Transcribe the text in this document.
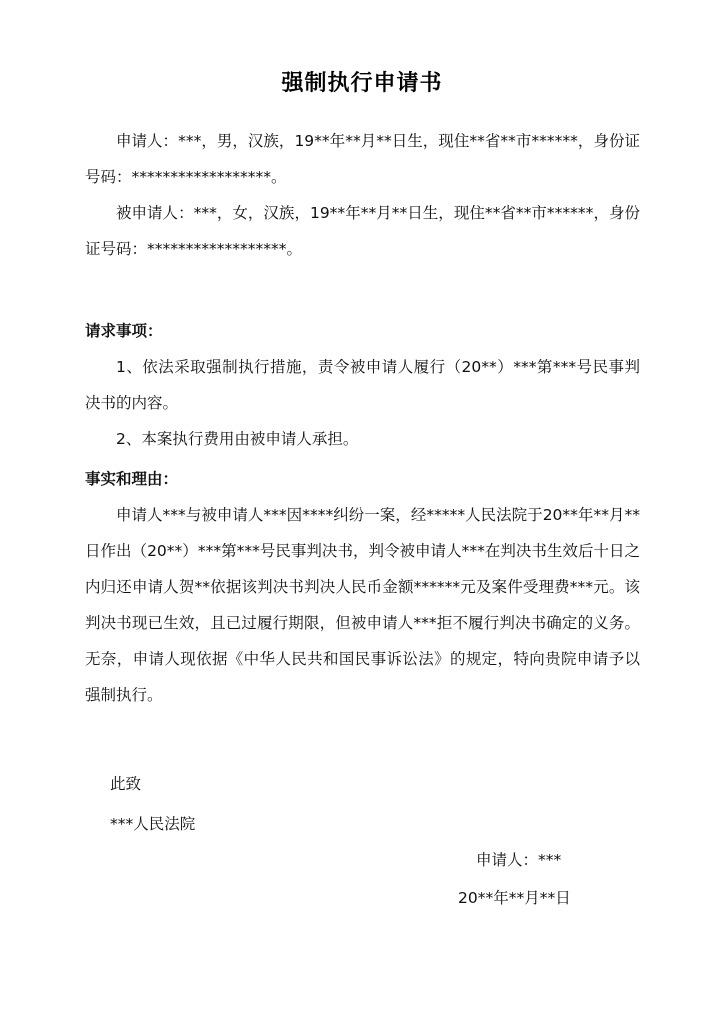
强制执行申请书

申请人：***，男，汉族，19**年**月**日生，现住**省**市******，身份证号码：******************。

被申请人：***，女，汉族，19**年**月**日生，现住**省**市******，身份证号码：******************。

请求事项：

1、依法采取强制执行措施，责令被申请人履行（20**）***第***号民事判决书的内容。

2、本案执行费用由被申请人承担。

事实和理由：

申请人***与被申请人***因****纠纷一案，经*****人民法院于20**年**月**日作出（20**）***第***号民事判决书，判令被申请人***在判决书生效后十日之内归还申请人贺**依据该判决书判决人民币金额******元及案件受理费***元。该判决书现已生效，且已过履行期限，但被申请人***拒不履行判决书确定的义务。无奈，申请人现依据《中华人民共和国民事诉讼法》的规定，特向贵院申请予以强制执行。

此致
***人民法院
申请人：***
20**年**月**日
